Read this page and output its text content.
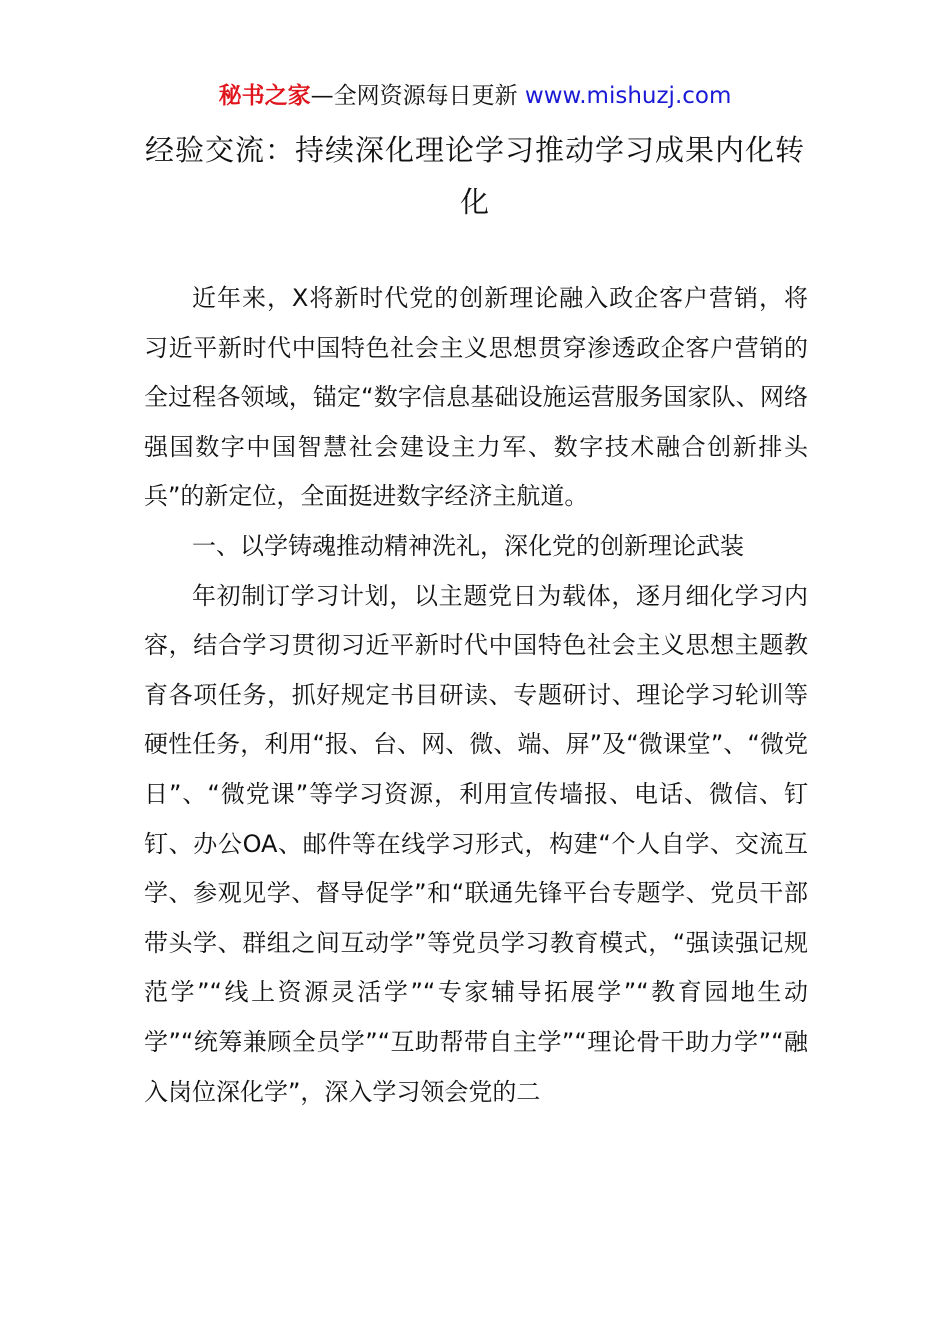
秘书之家—全网资源每日更新 www.mishuzj.com
经验交流：持续深化理论学习推动学习成果内化转化

近年来，X将新时代党的创新理论融入政企客户营销，将习近平新时代中国特色社会主义思想贯穿渗透政企客户营销的全过程各领域，锚定“数字信息基础设施运营服务国家队、网络强国数字中国智慧社会建设主力军、数字技术融合创新排头兵”的新定位，全面挺进数字经济主航道。

一、以学铸魂推动精神洗礼，深化党的创新理论武装

年初制订学习计划，以主题党日为载体，逐月细化学习内容，结合学习贯彻习近平新时代中国特色社会主义思想主题教育各项任务，抓好规定书目研读、专题研讨、理论学习轮训等硬性任务，利用“报、台、网、微、端、屏”及“微课堂”、“微党日”、“微党课”等学习资源，利用宣传墙报、电话、微信、钉钉、办公OA、邮件等在线学习形式，构建“个人自学、交流互学、参观见学、督导促学”和“联通先锋平台专题学、党员干部带头学、群组之间互动学”等党员学习教育模式，“强读强记规范学”“线上资源灵活学”“专家辅导拓展学”“教育园地生动学”“统筹兼顾全员学”“互助帮带自主学”“理论骨干助力学”“融入岗位深化学”，深入学习领会党的二
